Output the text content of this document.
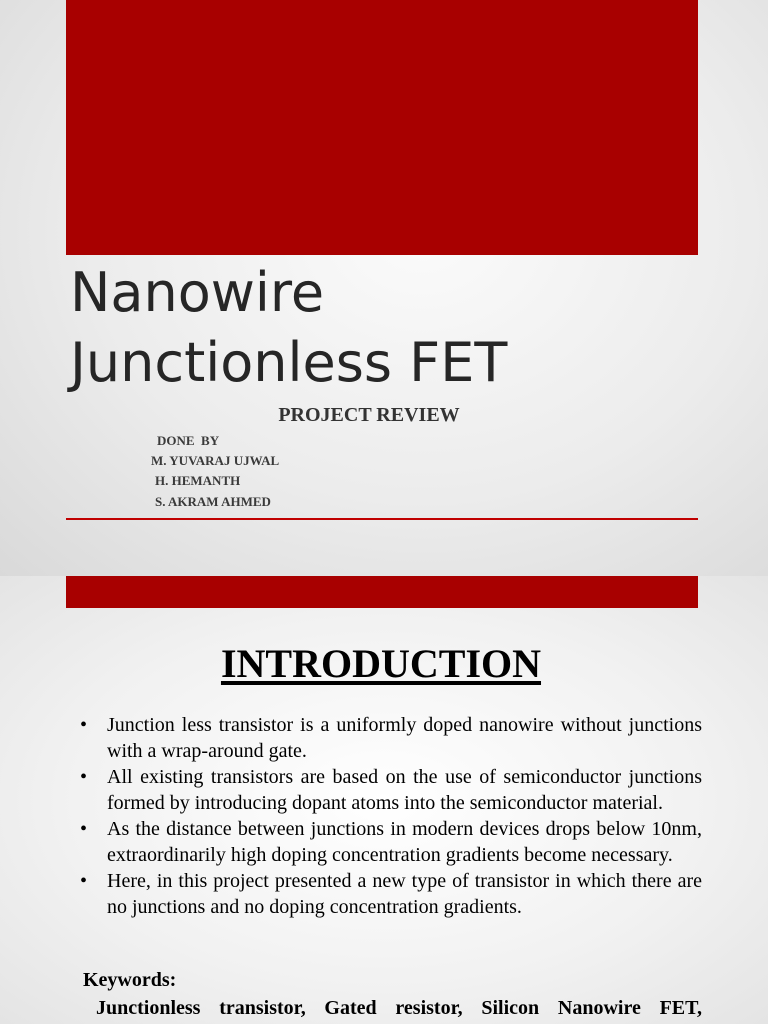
Nanowire
Junctionless FET
PROJECT REVIEW
DONE  BY
M. YUVARAJ UJWAL
H. HEMANTH
S. AKRAM AHMED
INTRODUCTION
• Junction less transistor is a uniformly doped nanowire without junctions with a wrap-around gate.
• All existing transistors are based on the use of semiconductor junctions formed by introducing dopant atoms into the semiconductor material.
• As the distance between junctions in modern devices drops below 10nm, extraordinarily high doping concentration gradients become necessary.
• Here, in this project presented a new type of transistor in which there are no junctions and no doping concentration gradients.
Keywords:
Junctionless transistor, Gated resistor, Silicon Nanowire FET,
